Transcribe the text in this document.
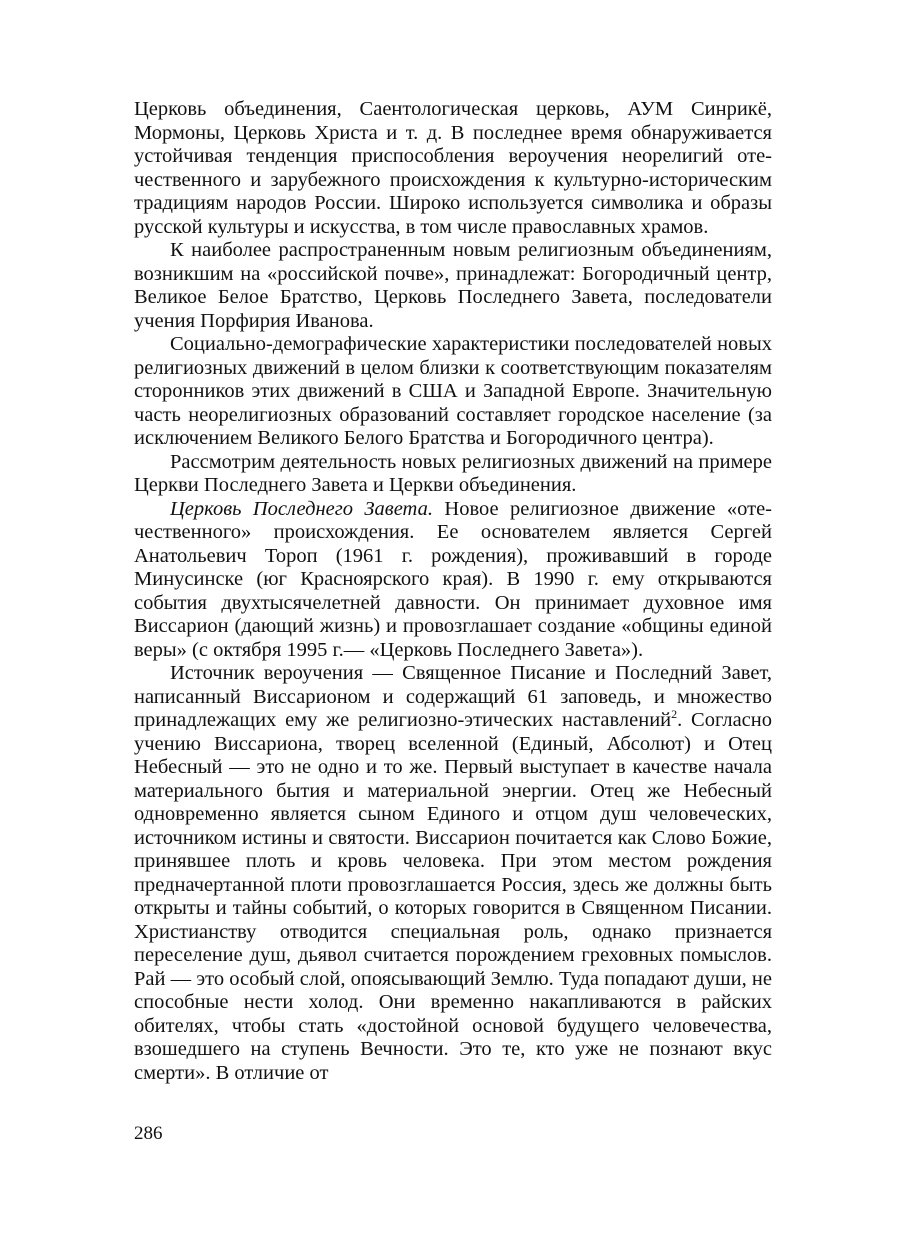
Церковь объединения, Саентологическая церковь, АУМ Синрикё, Мормоны, Церковь Христа и т. д. В последнее время обнаруживается устойчивая тенденция приспособления вероучения неорелигий отечественного и зарубежного происхождения к культурно-историческим традициям народов России. Широко используется символика и образы русской культуры и искусства, в том числе православных храмов.

К наиболее распространенным новым религиозным объединениям, возникшим на «российской почве», принадлежат: Богородичный центр, Великое Белое Братство, Церковь Последнего Завета, последователи учения Порфирия Иванова.

Социально-демографические характеристики последователей новых религиозных движений в целом близки к соответствующим показателям сторонников этих движений в США и Западной Европе. Значительную часть неорелигиозных образований составляет городское население (за исключением Великого Белого Братства и Богородичного центра).

Рассмотрим деятельность новых религиозных движений на примере Церкви Последнего Завета и Церкви объединения.

Церковь Последнего Завета. Новое религиозное движение «отечественного» происхождения. Ее основателем является Сергей Анатольевич Тороп (1961 г. рождения), проживавший в городе Минусинске (юг Красноярского края). В 1990 г. ему открываются события двухтысячелетней давности. Он принимает духовное имя Виссарион (дающий жизнь) и провозглашает создание «общины единой веры» (с октября 1995 г.— «Церковь Последнего Завета»).

Источник вероучения — Священное Писание и Последний Завет, написанный Виссарионом и содержащий 61 заповедь, и множество принадлежащих ему же религиозно-этических наставлений$^2$. Согласно учению Виссариона, творец вселенной (Единый, Абсолют) и Отец Небесный — это не одно и то же. Первый выступает в качестве начала материального бытия и материальной энергии. Отец же Небесный одновременно является сыном Единого и отцом душ человеческих, источником истины и святости. Виссарион почитается как Слово Божие, принявшее плоть и кровь человека. При этом местом рождения предначертанной плоти провозглашается Россия, здесь же должны быть открыты и тайны событий, о которых говорится в Священном Писании. Христианству отводится специальная роль, однако признается переселение душ, дьявол считается порождением греховных помыслов. Рай — это особый слой, опоясывающий Землю. Туда попадают души, не способные нести холод. Они временно накапливаются в райских обителях, чтобы стать «достойной основой будущего человечества, взошедшего на ступень Вечности. Это те, кто уже не познают вкус смерти». В отличие от

286
